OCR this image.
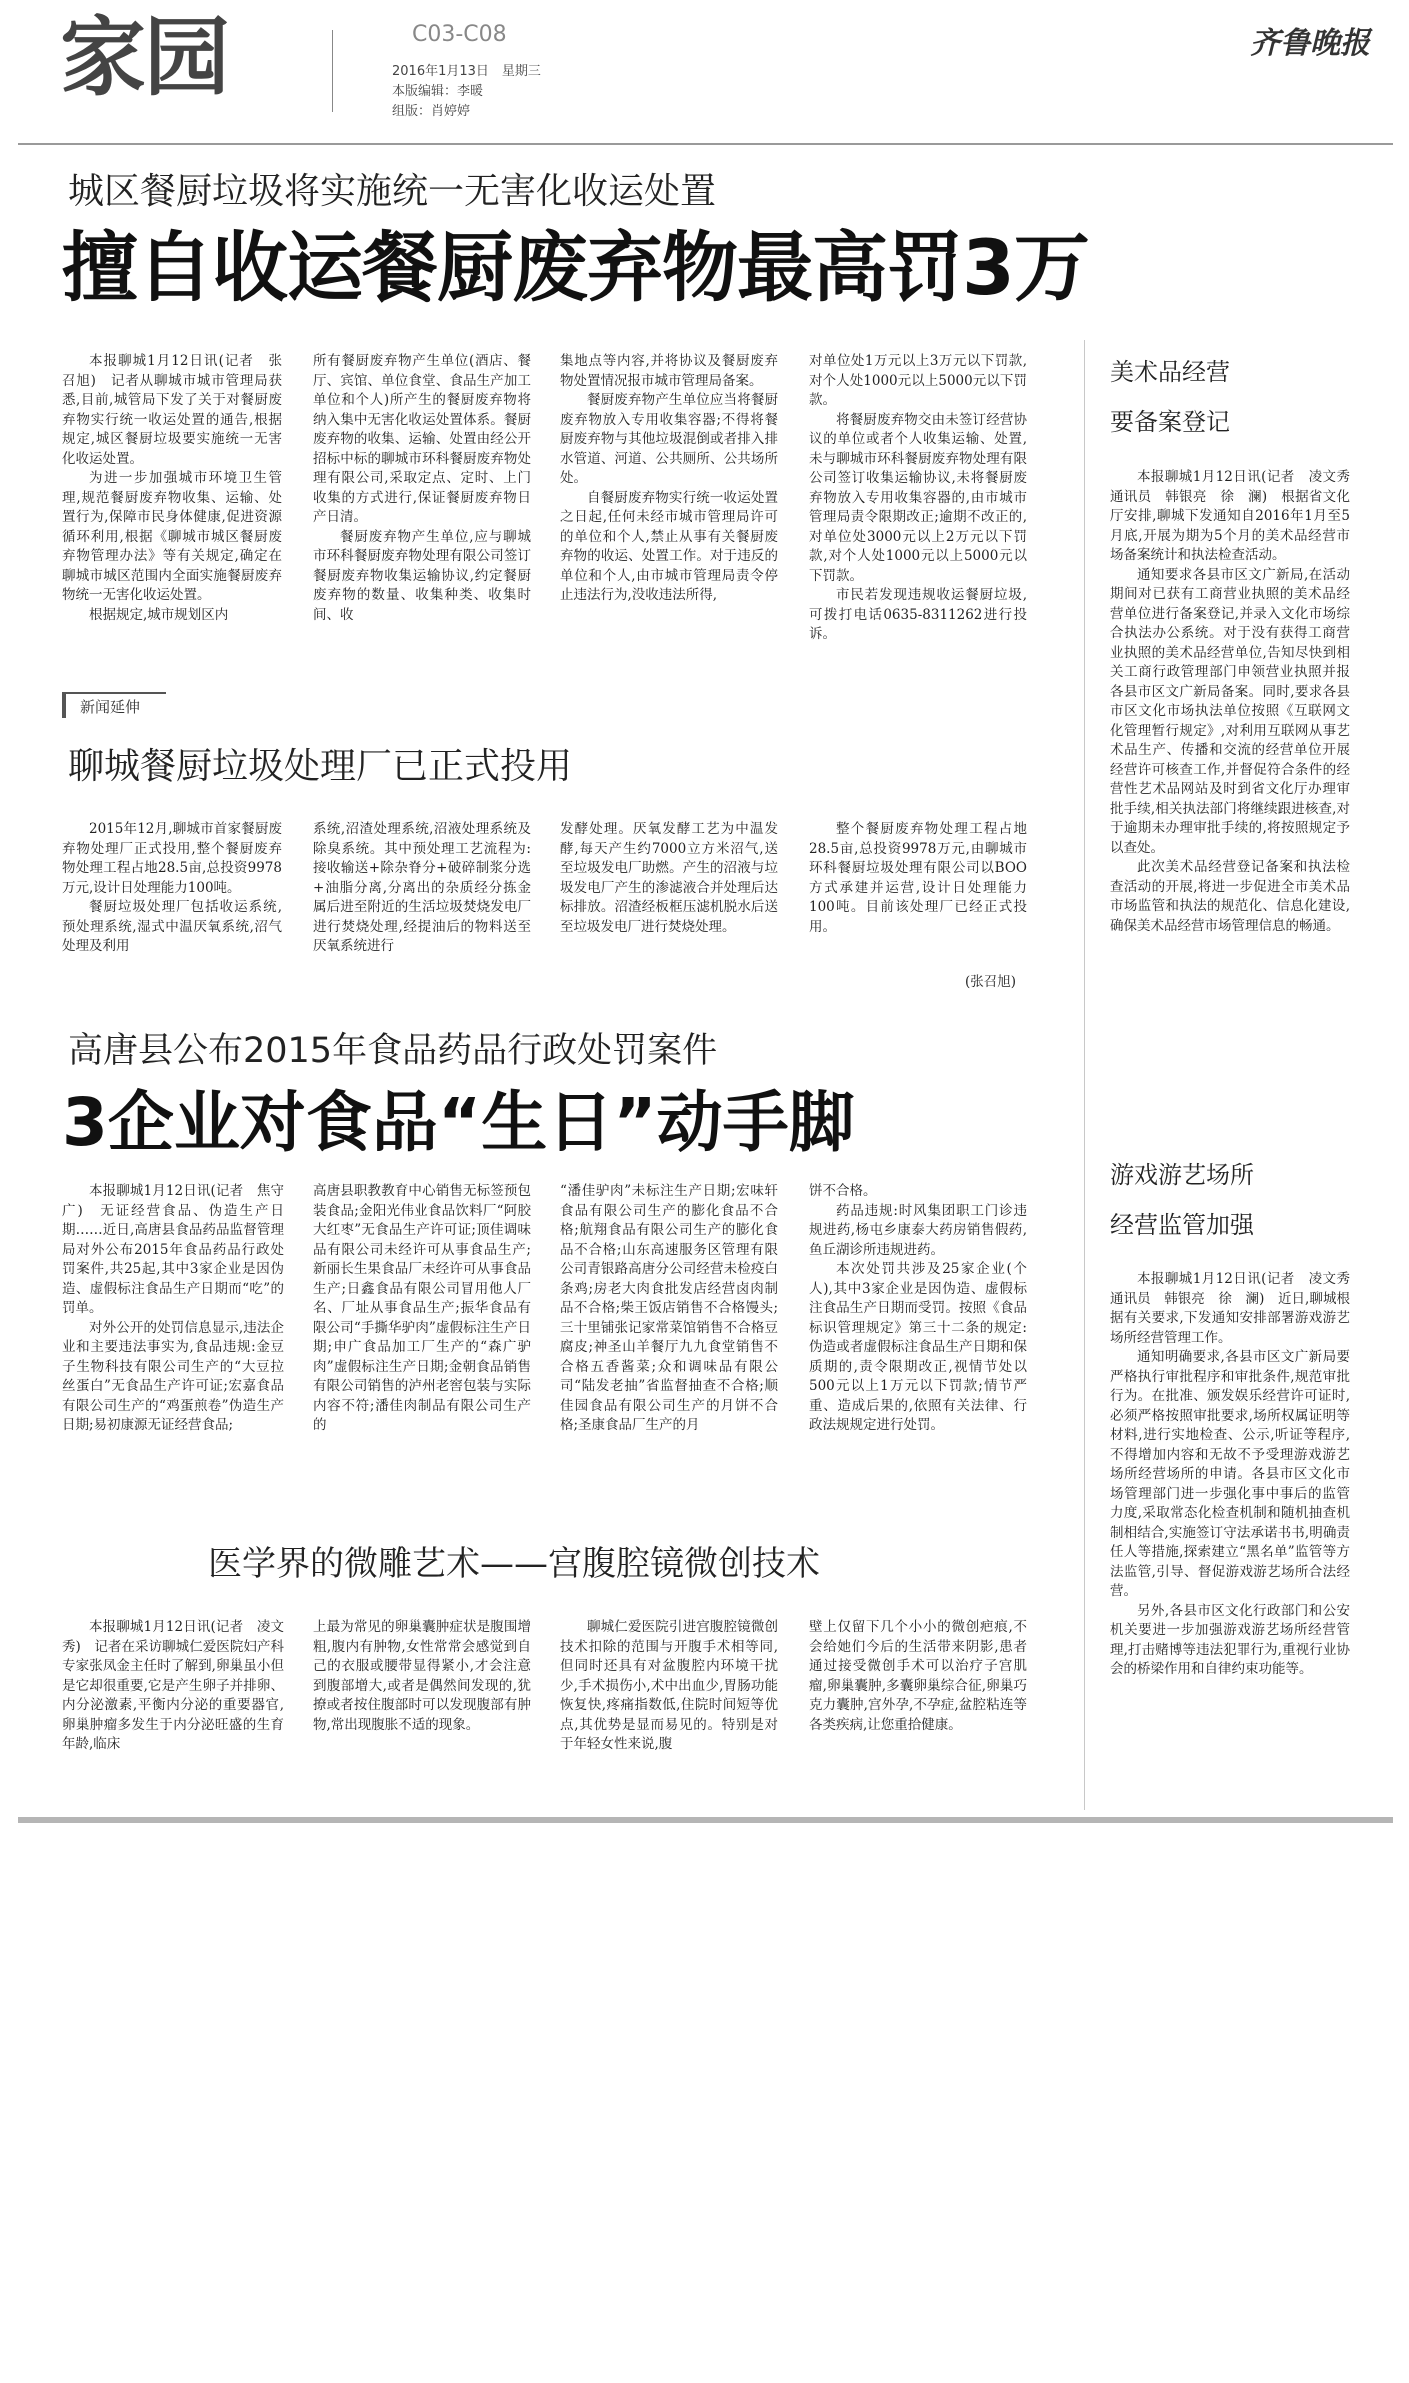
家园	C03-C08
2016年1月13日　星期三
本版编辑：李暖
组版：肖婷婷
齐鲁晚报
城区餐厨垃圾将实施统一无害化收运处置
擅自收运餐厨废弃物最高罚3万

本报聊城1月12日讯(记者　张召旭)　记者从聊城市城市管理局获悉,目前,城管局下发了关于对餐厨废弃物实行统一收运处置的通告,根据规定,城区餐厨垃圾要实施统一无害化收运处置。

为进一步加强城市环境卫生管理,规范餐厨废弃物收集、运输、处置行为,保障市民身体健康,促进资源循环利用,根据《聊城市城区餐厨废弃物管理办法》等有关规定,确定在聊城市城区范围内全面实施餐厨废弃物统一无害化收运处置。

根据规定,城市规划区内

所有餐厨废弃物产生单位(酒店、餐厅、宾馆、单位食堂、食品生产加工单位和个人)所产生的餐厨废弃物将纳入集中无害化收运处置体系。餐厨废弃物的收集、运输、处置由经公开招标中标的聊城市环科餐厨废弃物处理有限公司,采取定点、定时、上门收集的方式进行,保证餐厨废弃物日产日清。

餐厨废弃物产生单位,应与聊城市环科餐厨废弃物处理有限公司签订餐厨废弃物收集运输协议,约定餐厨废弃物的数量、收集种类、收集时间、收

集地点等内容,并将协议及餐厨废弃物处置情况报市城市管理局备案。

餐厨废弃物产生单位应当将餐厨废弃物放入专用收集容器;不得将餐厨废弃物与其他垃圾混倒或者排入排水管道、河道、公共厕所、公共场所处。

自餐厨废弃物实行统一收运处置之日起,任何未经市城市管理局许可的单位和个人,禁止从事有关餐厨废弃物的收运、处置工作。对于违反的单位和个人,由市城市管理局责令停止违法行为,没收违法所得,

对单位处1万元以上3万元以下罚款,对个人处1000元以上5000元以下罚款。

将餐厨废弃物交由未签订经营协议的单位或者个人收集运输、处置,未与聊城市环科餐厨废弃物处理有限公司签订收集运输协议,未将餐厨废弃物放入专用收集容器的,由市城市管理局责令限期改正;逾期不改正的,对单位处3000元以上2万元以下罚款,对个人处1000元以上5000元以下罚款。

市民若发现违规收运餐厨垃圾,可拨打电话0635-8311262进行投诉。

新闻延伸
聊城餐厨垃圾处理厂已正式投用

2015年12月,聊城市首家餐厨废弃物处理厂正式投用,整个餐厨废弃物处理工程占地28.5亩,总投资9978万元,设计日处理能力100吨。

餐厨垃圾处理厂包括收运系统,预处理系统,湿式中温厌氧系统,沼气处理及利用

系统,沼渣处理系统,沼液处理系统及除臭系统。其中预处理工艺流程为:接收输送+除杂脊分+破碎制浆分选+油脂分离,分离出的杂质经分拣金属后进至附近的生活垃圾焚烧发电厂进行焚烧处理,经提油后的物料送至厌氧系统进行

发酵处理。厌氧发酵工艺为中温发酵,每天产生约7000立方米沼气,送至垃圾发电厂助燃。产生的沼液与垃圾发电厂产生的渗滤液合并处理后达标排放。沼渣经板框压滤机脱水后送至垃圾发电厂进行焚烧处理。

整个餐厨废弃物处理工程占地28.5亩,总投资9978万元,由聊城市环科餐厨垃圾处理有限公司以BOO方式承建并运营,设计日处理能力100吨。目前该处理厂已经正式投用。

(张召旭)
高唐县公布2015年食品药品行政处罚案件
3企业对食品“生日”动手脚

本报聊城1月12日讯(记者　焦守广)　无证经营食品、伪造生产日期……近日,高唐县食品药品监督管理局对外公布2015年食品药品行政处罚案件,共25起,其中3家企业是因伪造、虚假标注食品生产日期而“吃”的罚单。

对外公开的处罚信息显示,违法企业和主要违法事实为,食品违规:金豆子生物科技有限公司生产的“大豆拉丝蛋白”无食品生产许可证;宏嘉食品有限公司生产的“鸡蛋煎卷”伪造生产日期;易初康源无证经营食品;

高唐县职教教育中心销售无标签预包装食品;金阳光伟业食品饮料厂“阿胶大红枣”无食品生产许可证;顶佳调味品有限公司未经许可从事食品生产;新丽长生果食品厂未经许可从事食品生产;日鑫食品有限公司冒用他人厂名、厂址从事食品生产;振华食品有限公司“手撕华驴肉”虚假标注生产日期;申广食品加工厂生产的“森广驴肉”虚假标注生产日期;金朝食品销售有限公司销售的泸州老窖包装与实际内容不符;潘佳肉制品有限公司生产的

“潘佳驴肉”未标注生产日期;宏味轩食品有限公司生产的膨化食品不合格;航翔食品有限公司生产的膨化食品不合格;山东高速服务区管理有限公司青银路高唐分公司经营未检疫白条鸡;房老大肉食批发店经营卤肉制品不合格;柴王饭店销售不合格馒头;三十里铺张记家常菜馆销售不合格豆腐皮;神圣山羊餐厅九九食堂销售不合格五香酱菜;众和调味品有限公司“陆发老抽”省监督抽查不合格;顺佳园食品有限公司生产的月饼不合格;圣康食品厂生产的月

饼不合格。

药品违规:时风集团职工门诊违规进药,杨屯乡康泰大药房销售假药,鱼丘湖诊所违规进药。

本次处罚共涉及25家企业(个人),其中3家企业是因伪造、虚假标注食品生产日期而受罚。按照《食品标识管理规定》第三十二条的规定:伪造或者虚假标注食品生产日期和保质期的,责令限期改正,视情节处以500元以上1万元以下罚款;情节严重、造成后果的,依照有关法律、行政法规规定进行处罚。

医学界的微雕艺术——宫腹腔镜微创技术

本报聊城1月12日讯(记者　凌文秀)　记者在采访聊城仁爱医院妇产科专家张凤金主任时了解到,卵巢虽小但是它却很重要,它是产生卵子并排卵、内分泌激素,平衡内分泌的重要器官,卵巢肿瘤多发生于内分泌旺盛的生育年龄,临床

上最为常见的卵巢囊肿症状是腹围增粗,腹内有肿物,女性常常会感觉到自己的衣服或腰带显得紧小,才会注意到腹部增大,或者是偶然间发现的,犹撩或者按住腹部时可以发现腹部有肿物,常出现腹胀不适的现象。

聊城仁爱医院引进宫腹腔镜微创技术扣除的范围与开腹手术相等同,但同时还具有对盆腹腔内环境干扰少,手术损伤小,术中出血少,胃肠功能恢复快,疼痛指数低,住院时间短等优点,其优势是显而易见的。特别是对于年轻女性来说,腹

壁上仅留下几个小小的微创疤痕,不会给她们今后的生活带来阴影,患者通过接受微创手术可以治疗子宫肌瘤,卵巢囊肿,多囊卵巢综合征,卵巢巧克力囊肿,宫外孕,不孕症,盆腔粘连等各类疾病,让您重拾健康。

美术品经营
要备案登记

本报聊城1月12日讯(记者　凌文秀　通讯员　韩银亮　徐　澜)　根据省文化厅安排,聊城下发通知自2016年1月至5月底,开展为期为5个月的美术品经营市场备案统计和执法检查活动。

通知要求各县市区文广新局,在活动期间对已获有工商营业执照的美术品经营单位进行备案登记,并录入文化市场综合执法办公系统。对于没有获得工商营业执照的美术品经营单位,告知尽快到相关工商行政管理部门申领营业执照并报各县市区文广新局备案。同时,要求各县市区文化市场执法单位按照《互联网文化管理暂行规定》,对利用互联网从事艺术品生产、传播和交流的经营单位开展经营许可核查工作,并督促符合条件的经营性艺术品网站及时到省文化厅办理审批手续,相关执法部门将继续跟进核查,对于逾期未办理审批手续的,将按照规定予以查处。

此次美术品经营登记备案和执法检查活动的开展,将进一步促进全市美术品市场监管和执法的规范化、信息化建设,确保美术品经营市场管理信息的畅通。

游戏游艺场所
经营监管加强

本报聊城1月12日讯(记者　凌文秀　通讯员　韩银亮　徐　澜)　近日,聊城根据有关要求,下发通知安排部署游戏游艺场所经营管理工作。

通知明确要求,各县市区文广新局要严格执行审批程序和审批条件,规范审批行为。在批准、颁发娱乐经营许可证时,必须严格按照审批要求,场所权属证明等材料,进行实地检查、公示,听证等程序,不得增加内容和无故不予受理游戏游艺场所经营场所的申请。各县市区文化市场管理部门进一步强化事中事后的监管力度,采取常态化检查机制和随机抽查机制相结合,实施签订守法承诺书书,明确责任人等措施,探索建立“黑名单”监管等方法监管,引导、督促游戏游艺场所合法经营。

另外,各县市区文化行政部门和公安机关要进一步加强游戏游艺场所经营管理,打击赌博等违法犯罪行为,重视行业协会的桥梁作用和自律约束功能等。
